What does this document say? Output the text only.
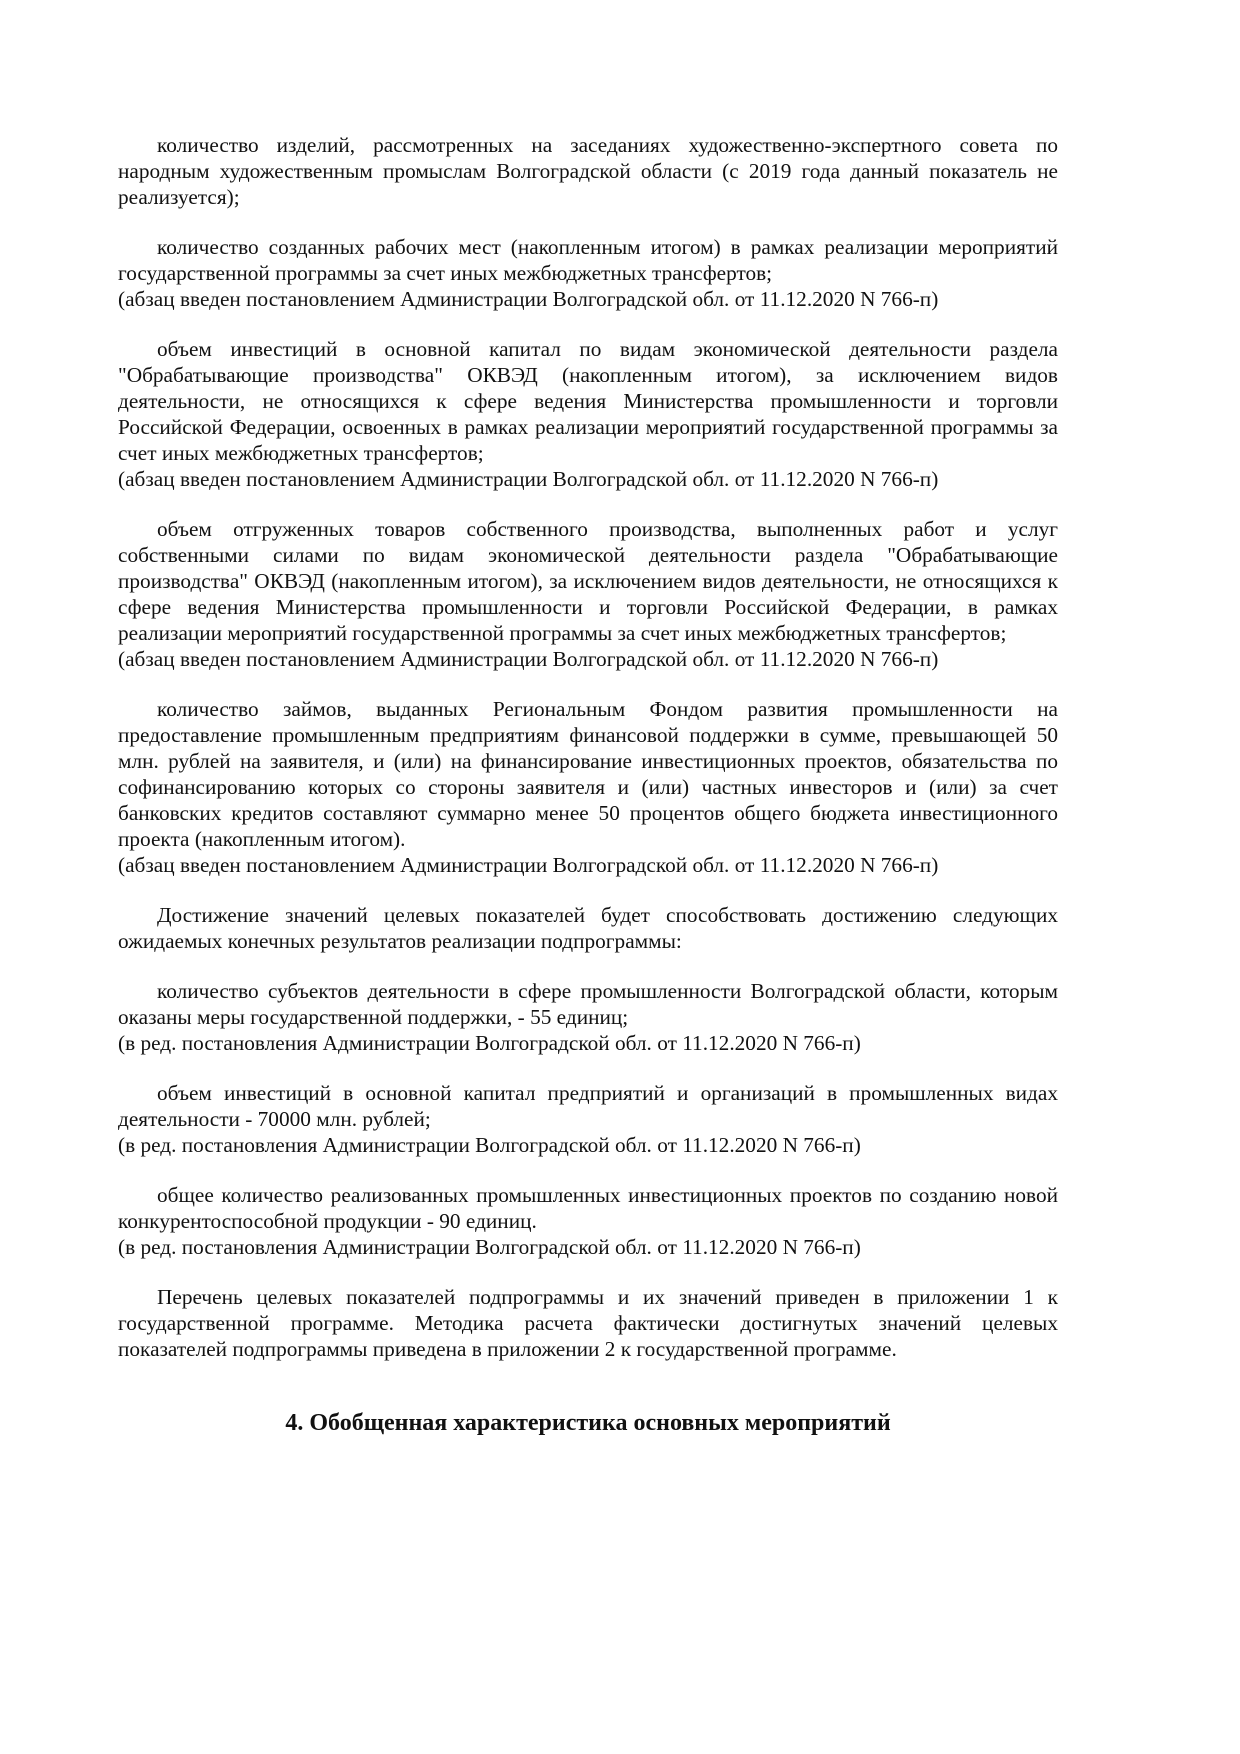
количество изделий, рассмотренных на заседаниях художественно-экспертного совета по народным художественным промыслам Волгоградской области (с 2019 года данный показатель не реализуется);
количество созданных рабочих мест (накопленным итогом) в рамках реализации мероприятий государственной программы за счет иных межбюджетных трансфертов;
(абзац введен постановлением Администрации Волгоградской обл. от 11.12.2020 N 766-п)
объем инвестиций в основной капитал по видам экономической деятельности раздела "Обрабатывающие производства" ОКВЭД (накопленным итогом), за исключением видов деятельности, не относящихся к сфере ведения Министерства промышленности и торговли Российской Федерации, освоенных в рамках реализации мероприятий государственной программы за счет иных межбюджетных трансфертов;
(абзац введен постановлением Администрации Волгоградской обл. от 11.12.2020 N 766-п)
объем отгруженных товаров собственного производства, выполненных работ и услуг собственными силами по видам экономической деятельности раздела "Обрабатывающие производства" ОКВЭД (накопленным итогом), за исключением видов деятельности, не относящихся к сфере ведения Министерства промышленности и торговли Российской Федерации, в рамках реализации мероприятий государственной программы за счет иных межбюджетных трансфертов;
(абзац введен постановлением Администрации Волгоградской обл. от 11.12.2020 N 766-п)
количество займов, выданных Региональным Фондом развития промышленности на предоставление промышленным предприятиям финансовой поддержки в сумме, превышающей 50 млн. рублей на заявителя, и (или) на финансирование инвестиционных проектов, обязательства по софинансированию которых со стороны заявителя и (или) частных инвесторов и (или) за счет банковских кредитов составляют суммарно менее 50 процентов общего бюджета инвестиционного проекта (накопленным итогом).
(абзац введен постановлением Администрации Волгоградской обл. от 11.12.2020 N 766-п)
Достижение значений целевых показателей будет способствовать достижению следующих ожидаемых конечных результатов реализации подпрограммы:
количество субъектов деятельности в сфере промышленности Волгоградской области, которым оказаны меры государственной поддержки, - 55 единиц;
(в ред. постановления Администрации Волгоградской обл. от 11.12.2020 N 766-п)
объем инвестиций в основной капитал предприятий и организаций в промышленных видах деятельности - 70000 млн. рублей;
(в ред. постановления Администрации Волгоградской обл. от 11.12.2020 N 766-п)
общее количество реализованных промышленных инвестиционных проектов по созданию новой конкурентоспособной продукции - 90 единиц.
(в ред. постановления Администрации Волгоградской обл. от 11.12.2020 N 766-п)
Перечень целевых показателей подпрограммы и их значений приведен в приложении 1 к государственной программе. Методика расчета фактически достигнутых значений целевых показателей подпрограммы приведена в приложении 2 к государственной программе.
4. Обобщенная характеристика основных мероприятий
